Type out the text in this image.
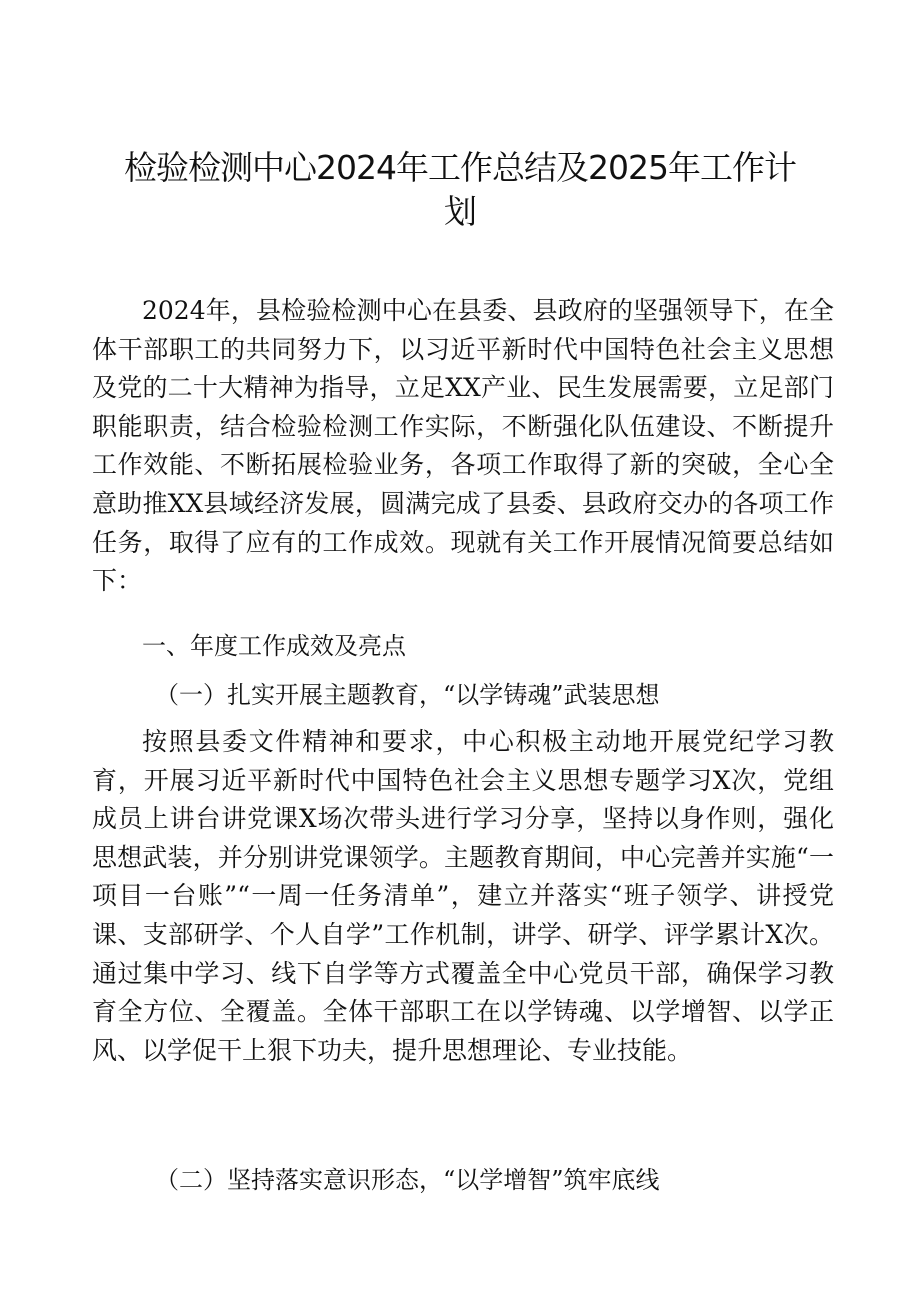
检验检测中心2024年工作总结及2025年工作计
划

2024年，县检验检测中心在县委、县政府的坚强领导下，在全体干部职工的共同努力下，以习近平新时代中国特色社会主义思想及党的二十大精神为指导，立足XX产业、民生发展需要，立足部门职能职责，结合检验检测工作实际，不断强化队伍建设、不断提升工作效能、不断拓展检验业务，各项工作取得了新的突破，全心全意助推XX县域经济发展，圆满完成了县委、县政府交办的各项工作任务，取得了应有的工作成效。现就有关工作开展情况简要总结如下：

一、年度工作成效及亮点
（一）扎实开展主题教育，“以学铸魂”武装思想

按照县委文件精神和要求，中心积极主动地开展党纪学习教育，开展习近平新时代中国特色社会主义思想专题学习X次，党组成员上讲台讲党课X场次带头进行学习分享，坚持以身作则，强化思想武装，并分别讲党课领学。主题教育期间，中心完善并实施“一项目一台账”“一周一任务清单”，建立并落实“班子领学、讲授党课、支部研学、个人自学”工作机制，讲学、研学、评学累计X次。通过集中学习、线下自学等方式覆盖全中心党员干部，确保学习教育全方位、全覆盖。全体干部职工在以学铸魂、以学增智、以学正风、以学促干上狠下功夫，提升思想理论、专业技能。

（二）坚持落实意识形态，“以学增智”筑牢底线
